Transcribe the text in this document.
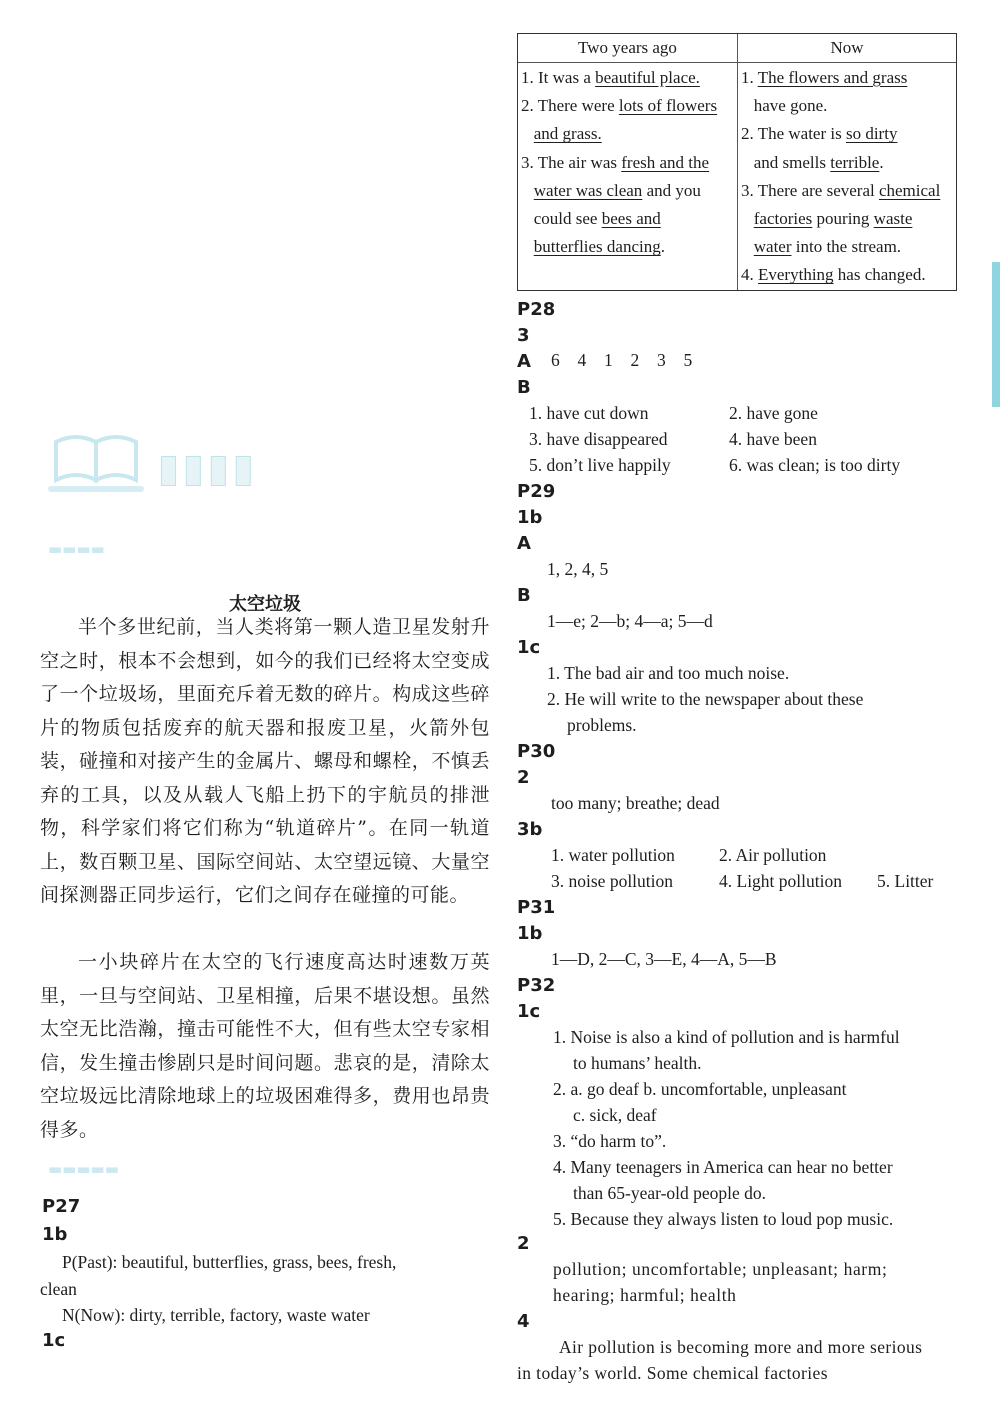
▮▮▮▮
▬▬▬▬
太空垃圾
半个多世纪前，当人类将第一颗人造卫星发射升空之时，根本不会想到，如今的我们已经将太空变成了一个垃圾场，里面充斥着无数的碎片。构成这些碎片的物质包括废弃的航天器和报废卫星，火箭外包装，碰撞和对接产生的金属片、螺母和螺栓，不慎丢弃的工具，以及从载人飞船上扔下的宇航员的排泄物，科学家们将它们称为“轨道碎片”。在同一轨道上，数百颗卫星、国际空间站、太空望远镜、大量空间探测器正同步运行，它们之间存在碰撞的可能。
一小块碎片在太空的飞行速度高达时速数万英里，一旦与空间站、卫星相撞，后果不堪设想。虽然太空无比浩瀚，撞击可能性不大，但有些太空专家相信，发生撞击惨剧只是时间问题。悲哀的是，清除太空垃圾远比清除地球上的垃圾困难得多，费用也昂贵得多。
▬▬▬▬▬
P27
1b
P(Past): beautiful, butterflies, grass, bees, fresh,
clean
N(Now): dirty, terrible, factory, waste water
1c
Two years ago	Now
1. It was a beautiful place.
2. There were lots of flowers
and grass.
3. The air was fresh and the
water was clean and you
could see bees and
butterflies dancing.
1. The flowers and grass
have gone.
2. The water is so dirty
and smells terrible.
3. There are several chemical
factories pouring waste
water into the stream.
4. Everything has changed.
P28
3
A 6  4  1  2  3  5
B
1. have cut down	2. have gone
3. have disappeared	4. have been
5. don’t live happily	6. was clean; is too dirty
P29
1b
A
1, 2, 4, 5
B
1—e; 2—b; 4—a; 5—d
1c
1. The bad air and too much noise.
2. He will write to the newspaper about these
problems.
P30
2
too many; breathe; dead
3b
1. water pollution	2. Air pollution
3. noise pollution	4. Light pollution 5. Litter
P31
1b
1—D, 2—C, 3—E, 4—A, 5—B
P32
1c
1. Noise is also a kind of pollution and is harmful
to humans’ health.
2. a. go deaf b. uncomfortable, unpleasant
c. sick, deaf
3. “do harm to”.
4. Many teenagers in America can hear no better
than 65-year-old people do.
5. Because they always listen to loud pop music.
2
pollution; uncomfortable; unpleasant; harm;
hearing; harmful; health
4
Air pollution is becoming more and more serious
in today’s world. Some chemical factories
